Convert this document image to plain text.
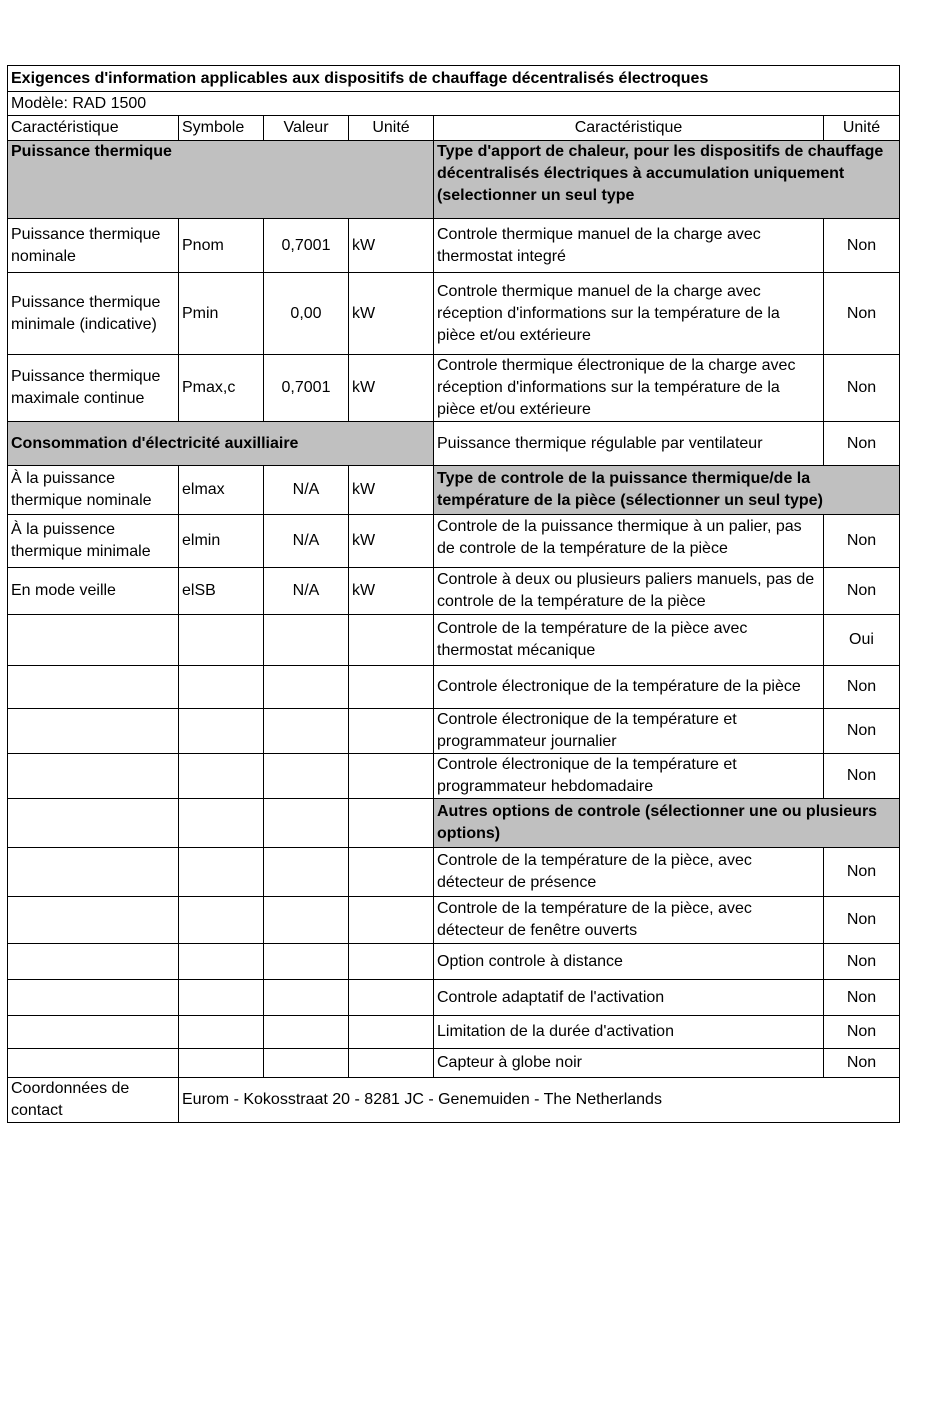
Exigences d'information applicables aux dispositifs de chauffage décentralisés électroques					
Modèle: RAD 1500					
Caractéristique	Symbole	Valeur	Unité	Caractéristique	Unité
Puissance thermique				Type d'apport de chaleur, pour les dispositifs de chauffage décentralisés électriques à accumulation uniquement (selectionner un seul type	
Puissance thermique nominale	Pnom	0,7001	kW	Controle thermique manuel de la charge avec thermostat integré	Non
Puissance thermique minimale (indicative)	Pmin	0,00	kW	Controle thermique manuel de la charge avec réception d'informations sur la température de la pièce et/ou extérieure	Non
Puissance thermique maximale continue	Pmax,c	0,7001	kW	Controle thermique électronique de la charge avec réception d'informations sur la température de la pièce et/ou extérieure	Non
Consommation d'électricité auxilliaire				Puissance thermique régulable par ventilateur	Non
À la puissance thermique nominale	elmax	N/A	kW	Type de controle de la puissance thermique/de la température de la pièce (sélectionner un seul type)	
À la puissence thermique minimale	elmin	N/A	kW	Controle de la puissance thermique à un palier, pas de controle de la température de la pièce	Non
En mode veille	elSB	N/A	kW	Controle à deux ou plusieurs paliers manuels, pas de controle de la température de la pièce	Non
				Controle de la température de la pièce avec thermostat mécanique	Oui
				Controle électronique de la température de la pièce	Non
				Controle électronique de la température et programmateur journalier	Non
				Controle électronique de la température et programmateur hebdomadaire	Non
				Autres options de controle (sélectionner une ou plusieurs options)	
				Controle de la température de la pièce, avec détecteur de présence	Non
				Controle de la température de la pièce, avec détecteur de fenêtre ouverts	Non
				Option controle à distance	Non
				Controle adaptatif de l'activation	Non
				Limitation de la durée d'activation	Non
				Capteur à globe noir	Non
Coordonnées de contact	Eurom - Kokosstraat 20 - 8281 JC - Genemuiden - The Netherlands				
